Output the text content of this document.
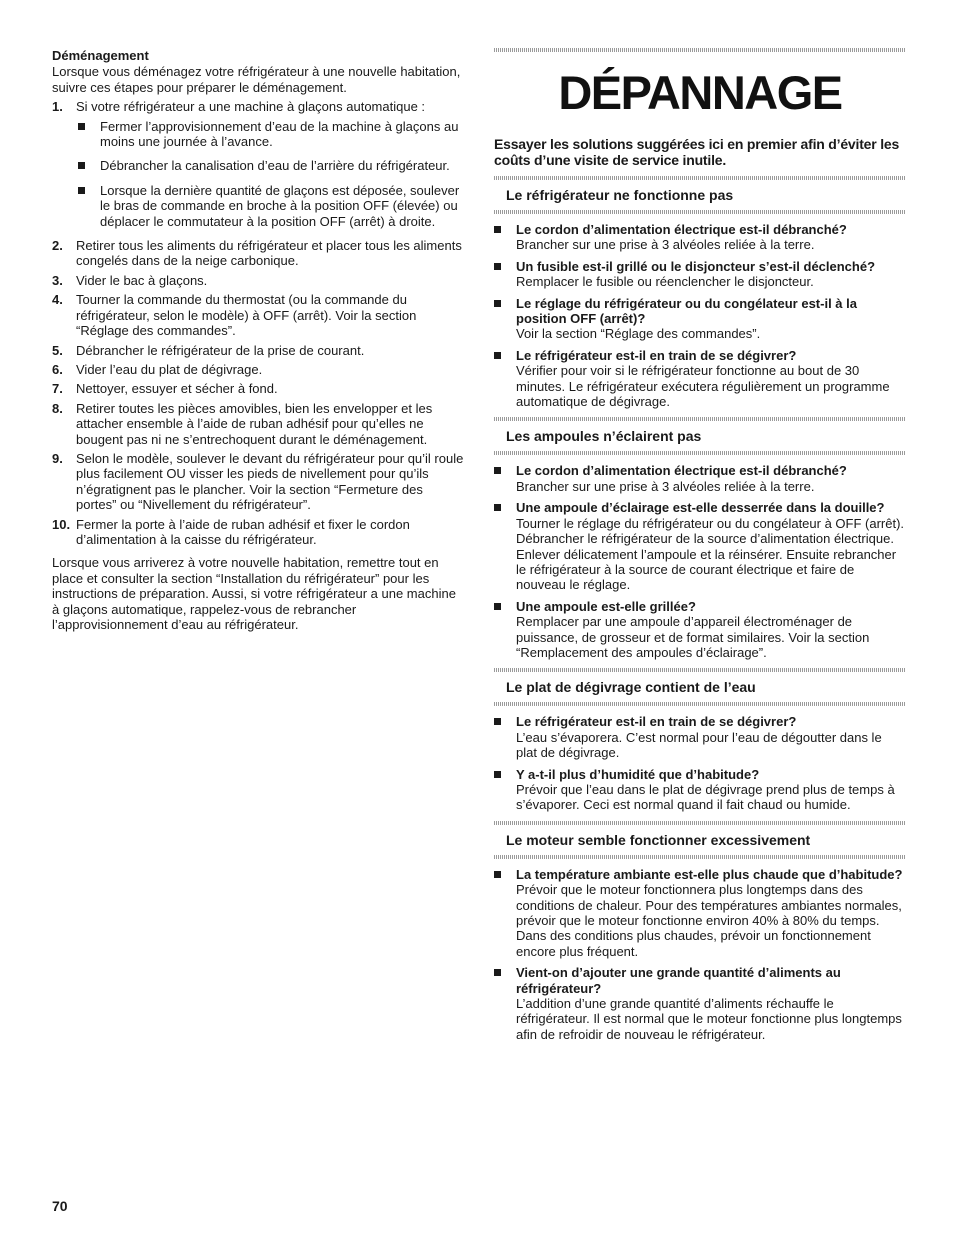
Déménagement
Lorsque vous déménagez votre réfrigérateur à une nouvelle habitation, suivre ces étapes pour préparer le déménagement.
1. Si votre réfrigérateur a une machine à glaçons automatique :
Fermer l’approvisionnement d’eau de la machine à glaçons au moins une journée à l’avance.
Débrancher la canalisation d’eau de l’arrière du réfrigérateur.
Lorsque la dernière quantité de glaçons est déposée, soulever le bras de commande en broche à la position OFF (élevée) ou déplacer le commutateur à la position OFF (arrêt) à droite.
2. Retirer tous les aliments du réfrigérateur et placer tous les aliments congelés dans de la neige carbonique.
3. Vider le bac à glaçons.
4. Tourner la commande du thermostat (ou la commande du réfrigérateur, selon le modèle) à OFF (arrêt). Voir la section “Réglage des commandes”.
5. Débrancher le réfrigérateur de la prise de courant.
6. Vider l’eau du plat de dégivrage.
7. Nettoyer, essuyer et sécher à fond.
8. Retirer toutes les pièces amovibles, bien les envelopper et les attacher ensemble à l’aide de ruban adhésif pour qu’elles ne bougent pas ni ne s’entrechoquent durant le déménagement.
9. Selon le modèle, soulever le devant du réfrigérateur pour qu’il roule plus facilement OU visser les pieds de nivellement pour qu’ils n’égratignent pas le plancher. Voir la section “Fermeture des portes” ou “Nivellement du réfrigérateur”.
10. Fermer la porte à l’aide de ruban adhésif et fixer le cordon d’alimentation à la caisse du réfrigérateur.
Lorsque vous arriverez à votre nouvelle habitation, remettre tout en place et consulter la section “Installation du réfrigérateur” pour les instructions de préparation. Aussi, si votre réfrigérateur a une machine à glaçons automatique, rappelez-vous de rebrancher l’approvisionnement d’eau au réfrigérateur.
DÉPANNAGE
Essayer les solutions suggérées ici en premier afin d’éviter les coûts d’une visite de service inutile.
Le réfrigérateur ne fonctionne pas
Le cordon d’alimentation électrique est-il débranché?
Brancher sur une prise à 3 alvéoles reliée à la terre.
Un fusible est-il grillé ou le disjoncteur s’est-il déclenché?
Remplacer le fusible ou réenclencher le disjoncteur.
Le réglage du réfrigérateur ou du congélateur est-il à la position OFF (arrêt)?
Voir la section “Réglage des commandes”.
Le réfrigérateur est-il en train de se dégivrer?
Vérifier pour voir si le réfrigérateur fonctionne au bout de 30 minutes. Le réfrigérateur exécutera régulièrement un programme automatique de dégivrage.
Les ampoules n’éclairent pas
Le cordon d’alimentation électrique est-il débranché?
Brancher sur une prise à 3 alvéoles reliée à la terre.
Une ampoule d’éclairage est-elle desserrée dans la douille?
Tourner le réglage du réfrigérateur ou du congélateur à OFF (arrêt). Débrancher le réfrigérateur de la source d’alimentation électrique. Enlever délicatement l’ampoule et la réinsérer. Ensuite rebrancher le réfrigérateur à la source de courant électrique et faire de nouveau le réglage.
Une ampoule est-elle grillée?
Remplacer par une ampoule d’appareil électroménager de puissance, de grosseur et de format similaires. Voir la section “Remplacement des ampoules d’éclairage”.
Le plat de dégivrage contient de l’eau
Le réfrigérateur est-il en train de se dégivrer?
L’eau s’évaporera. C’est normal pour l’eau de dégoutter dans le plat de dégivrage.
Y a-t-il plus d’humidité que d’habitude?
Prévoir que l’eau dans le plat de dégivrage prend plus de temps à s’évaporer. Ceci est normal quand il fait chaud ou humide.
Le moteur semble fonctionner excessivement
La température ambiante est-elle plus chaude que d’habitude?
Prévoir que le moteur fonctionnera plus longtemps dans des conditions de chaleur. Pour des températures ambiantes normales, prévoir que le moteur fonctionne environ 40% à 80% du temps. Dans des conditions plus chaudes, prévoir un fonctionnement encore plus fréquent.
Vient-on d’ajouter une grande quantité d’aliments au réfrigérateur?
L’addition d’une grande quantité d’aliments réchauffe le réfrigérateur. Il est normal que le moteur fonctionne plus longtemps afin de refroidir de nouveau le réfrigérateur.
70
